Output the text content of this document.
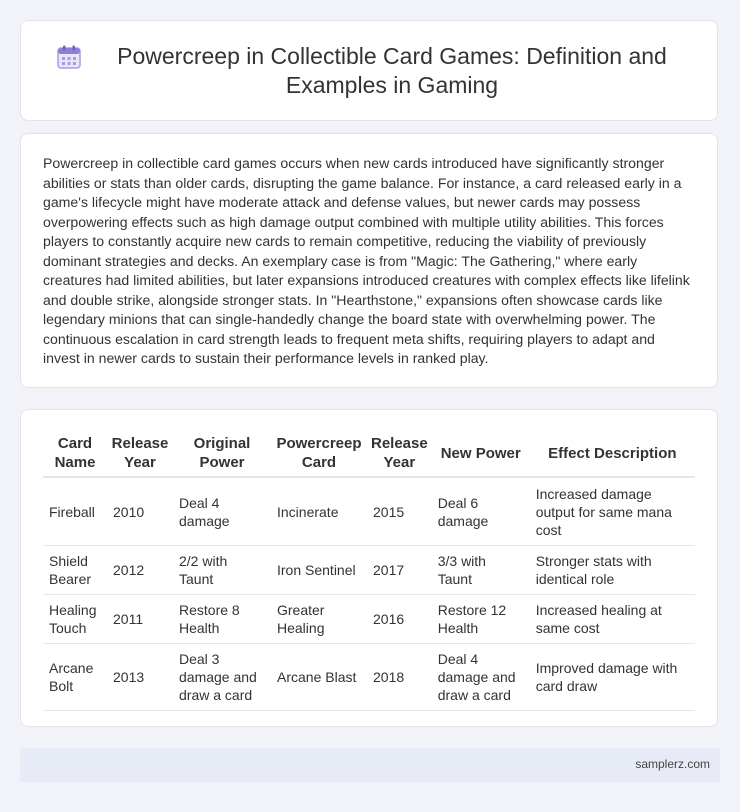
Powercreep in Collectible Card Games: Definition and Examples in Gaming

Powercreep in collectible card games occurs when new cards introduced have significantly stronger abilities or stats than older cards, disrupting the game balance. For instance, a card released early in a game's lifecycle might have moderate attack and defense values, but newer cards may possess overpowering effects such as high damage output combined with multiple utility abilities. This forces players to constantly acquire new cards to remain competitive, reducing the viability of previously dominant strategies and decks. An exemplary case is from "Magic: The Gathering," where early creatures had limited abilities, but later expansions introduced creatures with complex effects like lifelink and double strike, alongside stronger stats. In "Hearthstone," expansions often showcase cards like legendary minions that can single-handedly change the board state with overwhelming power. The continuous escalation in card strength leads to frequent meta shifts, requiring players to adapt and invest in newer cards to sustain their performance levels in ranked play.

Card Name	Release Year	Original Power	Powercreep Card	Release Year	New Power	Effect Description
Fireball	2010	Deal 4 damage	Incinerate	2015	Deal 6 damage	Increased damage output for same mana cost
Shield Bearer	2012	2/2 with Taunt	Iron Sentinel	2017	3/3 with Taunt	Stronger stats with identical role
Healing Touch	2011	Restore 8 Health	Greater Healing	2016	Restore 12 Health	Increased healing at same cost
Arcane Bolt	2013	Deal 3 damage and draw a card	Arcane Blast	2018	Deal 4 damage and draw a card	Improved damage with card draw
samplerz.com
